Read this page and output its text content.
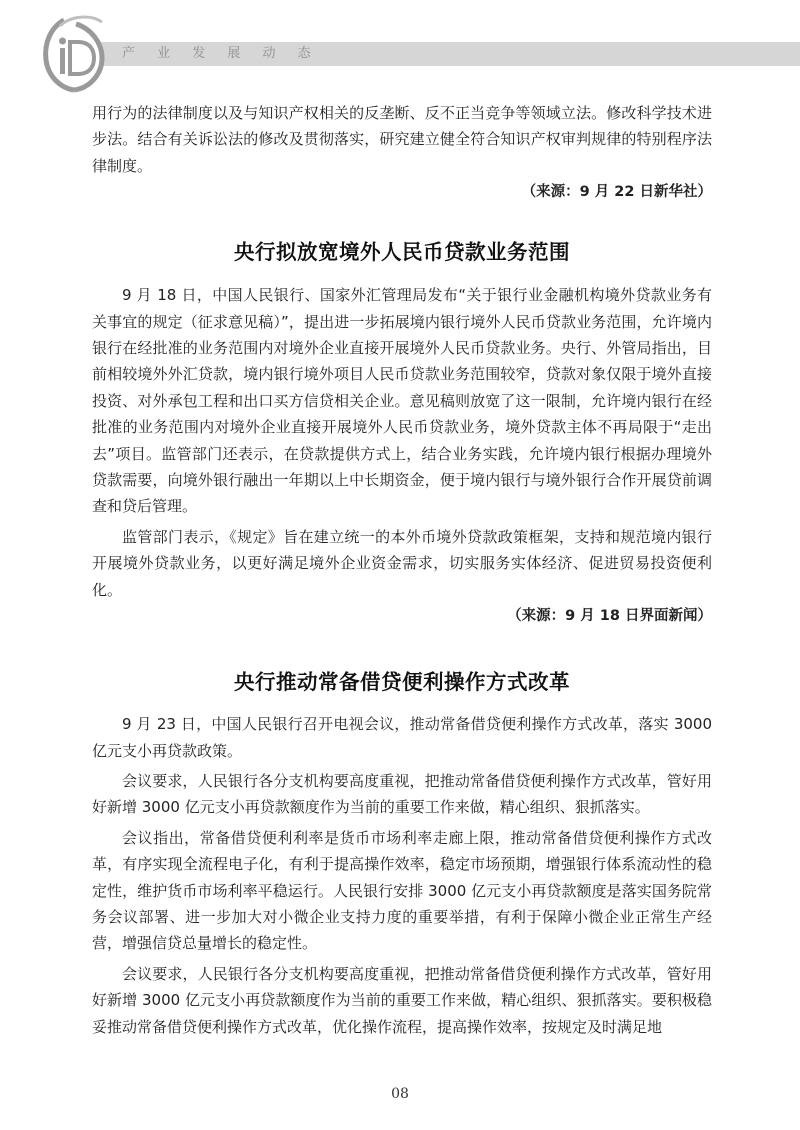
产 业 发 展 动 态

用行为的法律制度以及与知识产权相关的反垄断、反不正当竞争等领域立法。修改科学技术进步法。结合有关诉讼法的修改及贯彻落实，研究建立健全符合知识产权审判规律的特别程序法律制度。

（来源：9 月 22 日新华社）
央行拟放宽境外人民币贷款业务范围

9 月 18 日，中国人民银行、国家外汇管理局发布“关于银行业金融机构境外贷款业务有关事宜的规定（征求意见稿）”，提出进一步拓展境内银行境外人民币贷款业务范围，允许境内银行在经批准的业务范围内对境外企业直接开展境外人民币贷款业务。央行、外管局指出，目前相较境外外汇贷款，境内银行境外项目人民币贷款业务范围较窄，贷款对象仅限于境外直接投资、对外承包工程和出口买方信贷相关企业。意见稿则放宽了这一限制，允许境内银行在经批准的业务范围内对境外企业直接开展境外人民币贷款业务，境外贷款主体不再局限于“走出去”项目。监管部门还表示，在贷款提供方式上，结合业务实践，允许境内银行根据办理境外贷款需要，向境外银行融出一年期以上中长期资金，便于境内银行与境外银行合作开展贷前调查和贷后管理。

监管部门表示，《规定》旨在建立统一的本外币境外贷款政策框架，支持和规范境内银行开展境外贷款业务，以更好满足境外企业资金需求，切实服务实体经济、促进贸易投资便利化。

（来源：9 月 18 日界面新闻）
央行推动常备借贷便利操作方式改革

9 月 23 日，中国人民银行召开电视会议，推动常备借贷便利操作方式改革，落实 3000 亿元支小再贷款政策。

会议要求，人民银行各分支机构要高度重视，把推动常备借贷便利操作方式改革，管好用好新增 3000 亿元支小再贷款额度作为当前的重要工作来做，精心组织、狠抓落实。

会议指出，常备借贷便利利率是货币市场利率走廊上限，推动常备借贷便利操作方式改革，有序实现全流程电子化，有利于提高操作效率，稳定市场预期，增强银行体系流动性的稳定性，维护货币市场利率平稳运行。人民银行安排 3000 亿元支小再贷款额度是落实国务院常务会议部署、进一步加大对小微企业支持力度的重要举措，有利于保障小微企业正常生产经营，增强信贷总量增长的稳定性。

会议要求，人民银行各分支机构要高度重视，把推动常备借贷便利操作方式改革，管好用好新增 3000 亿元支小再贷款额度作为当前的重要工作来做，精心组织、狠抓落实。要积极稳妥推动常备借贷便利操作方式改革，优化操作流程，提高操作效率，按规定及时满足地

08
